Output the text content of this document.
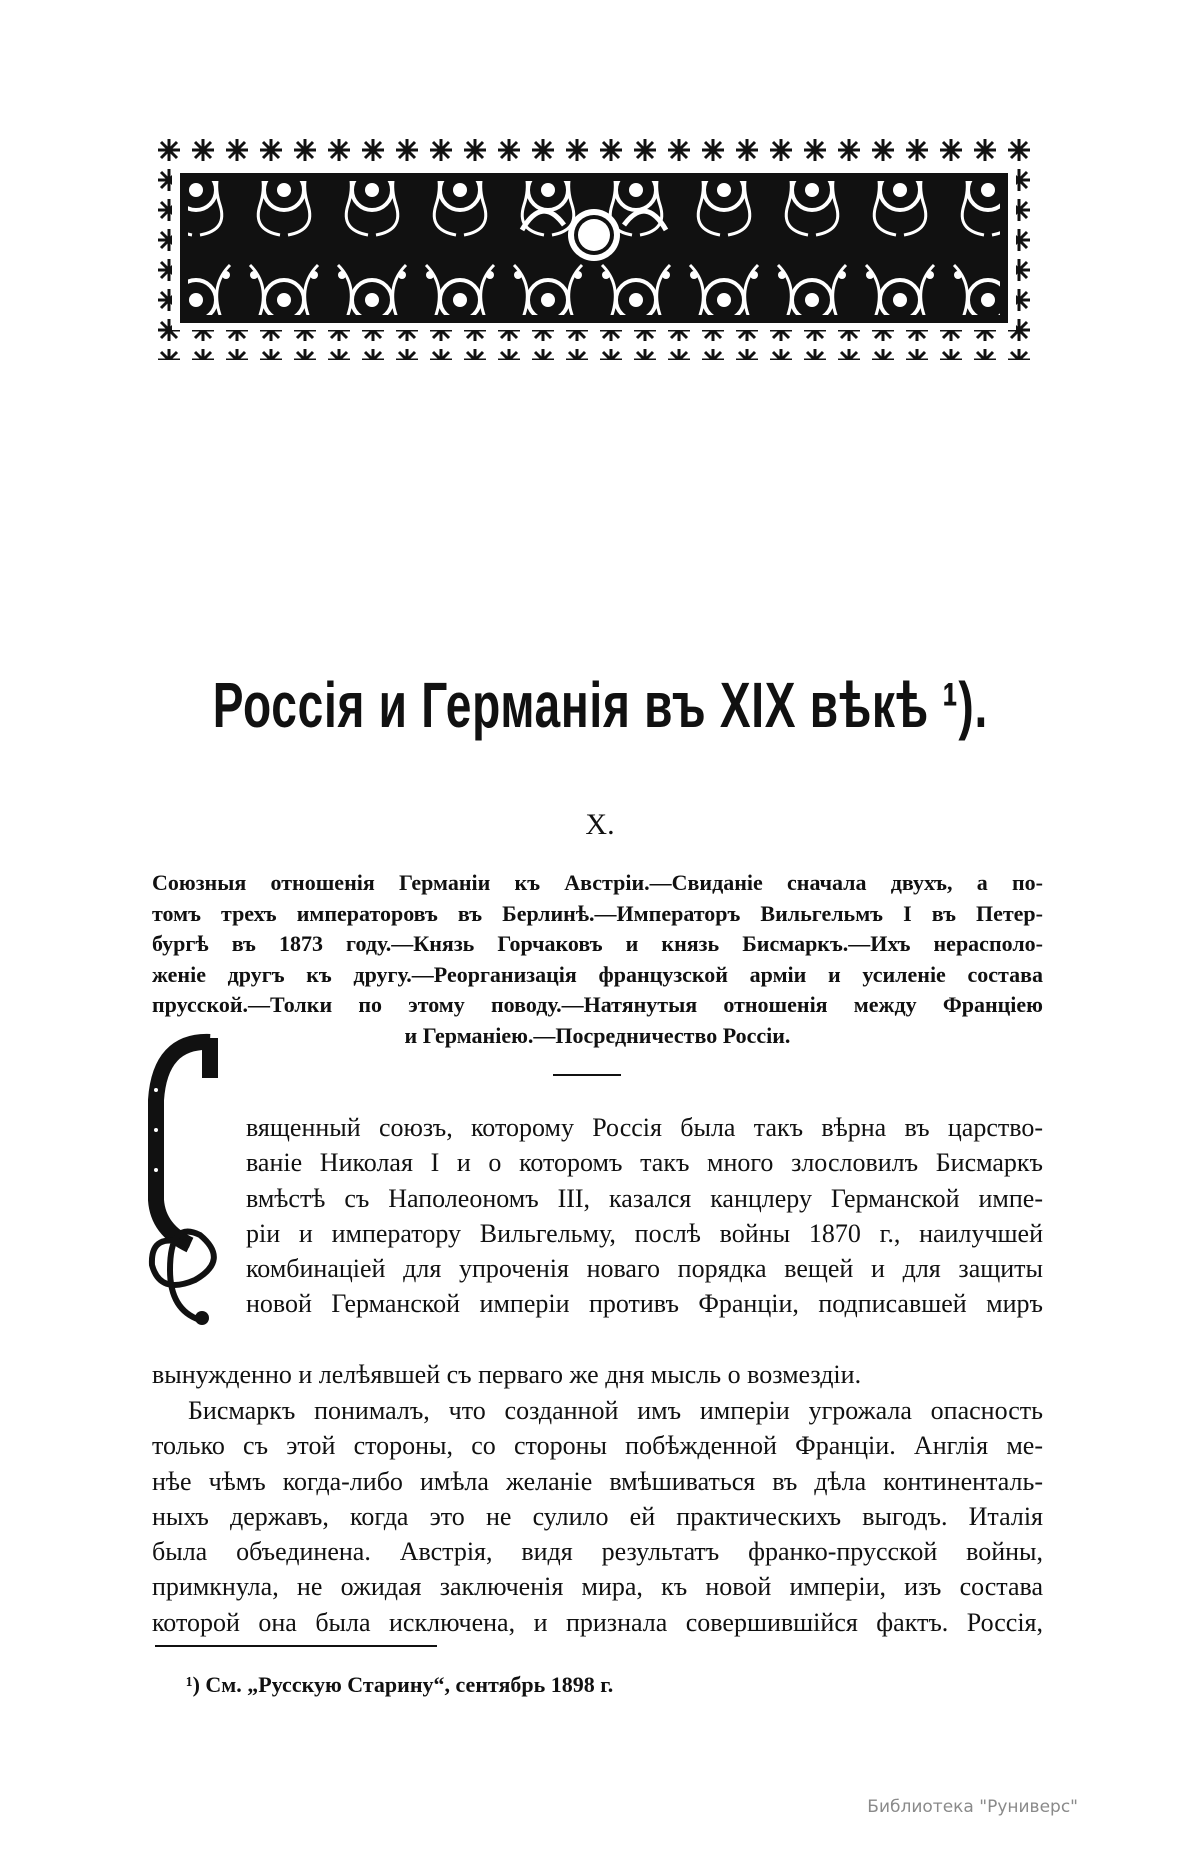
Россія и Германія въ XIX вѣкѣ ¹).
X.
Союзныя отношенія Германіи къ Австріи.—Свиданіе сначала двухъ, а по-
томъ трехъ императоровъ въ Берлинѣ.—Императоръ Вильгельмъ I въ Петер-
бургѣ въ 1873 году.—Князь Горчаковъ и князь Бисмаркъ.—Ихъ нерасполо-
женіе другъ къ другу.—Реорганизація французской арміи и усиленіе состава
прусской.—Толки по этому поводу.—Натянутыя отношенія между Франціею
и Германіею.—Посредничество Россіи.
вященный союзъ, которому Россія была такъ вѣрна въ царство-
ваніе Николая I и о которомъ такъ много злословилъ Бисмаркъ
вмѣстѣ съ Наполеономъ III, казался канцлеру Германской импе-
ріи и императору Вильгельму, послѣ войны 1870 г., наилучшей
комбинаціей для упроченія новаго порядка вещей и для защиты
новой Германской имперіи противъ Франціи, подписавшей миръ
вынужденно и лелѣявшей съ перваго же дня мысль о возмездіи.
Бисмаркъ понималъ, что созданной имъ имперіи угрожала опасность
только съ этой стороны, со стороны побѣжденной Франціи. Англія ме-
нѣе чѣмъ когда-либо имѣла желаніе вмѣшиваться въ дѣла континенталь-
ныхъ державъ, когда это не сулило ей практическихъ выгодъ. Италія
была объединена. Австрія, видя результатъ франко-прусской войны,
примкнула, не ожидая заключенія мира, къ новой имперіи, изъ состава
которой она была исключена, и признала совершившійся фактъ. Россія,
¹) См. „Русскую Старину“, сентябрь 1898 г.
Библиотека "Руниверс"
